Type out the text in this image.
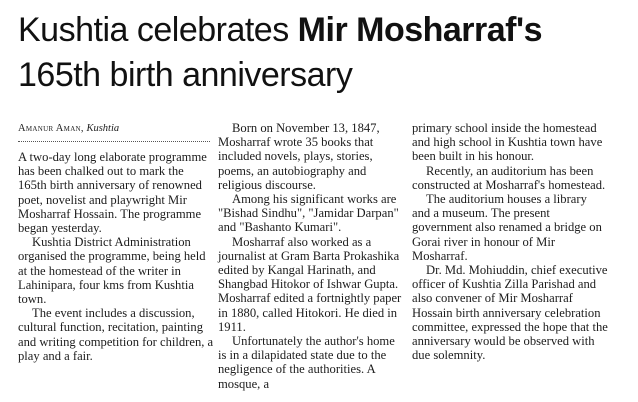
Kushtia celebrates Mir Mosharraf's
165th birth anniversary

Amanur Aman, Kushtia

A two-day long elaborate programme has been chalked out to mark the 165th birth anniversary of renowned poet, novelist and playwright Mir Mosharraf Hossain. The programme began yesterday.

Kushtia District Administration organised the programme, being held at the homestead of the writer in Lahinipara, four kms from Kushtia town.

The event includes a discussion, cultural function, recitation, painting and writing competition for children, a play and a fair.

Born on November 13, 1847, Mosharraf wrote 35 books that included novels, plays, stories, poems, an autobiography and religious discourse.

Among his significant works are "Bishad Sindhu", "Jamidar Darpan" and "Bashanto Kumari".

Mosharraf also worked as a journalist at Gram Barta Prokashika edited by Kangal Harinath, and Shangbad Hitokor of Ishwar Gupta. Mosharraf edited a fortnightly paper in 1880, called Hitokori. He died in 1911.

Unfortunately the author's home is in a dilapidated state due to the negligence of the authorities. A mosque, a

primary school inside the homestead and high school in Kushtia town have been built in his honour.

Recently, an auditorium has been constructed at Mosharraf's homestead.

The auditorium houses a library and a museum. The present government also renamed a bridge on Gorai river in honour of Mir Mosharraf.

Dr. Md. Mohiuddin, chief executive officer of Kushtia Zilla Parishad and also convener of Mir Mosharraf Hossain birth anniversary celebration committee, expressed the hope that the anniversary would be observed with due solemnity.
